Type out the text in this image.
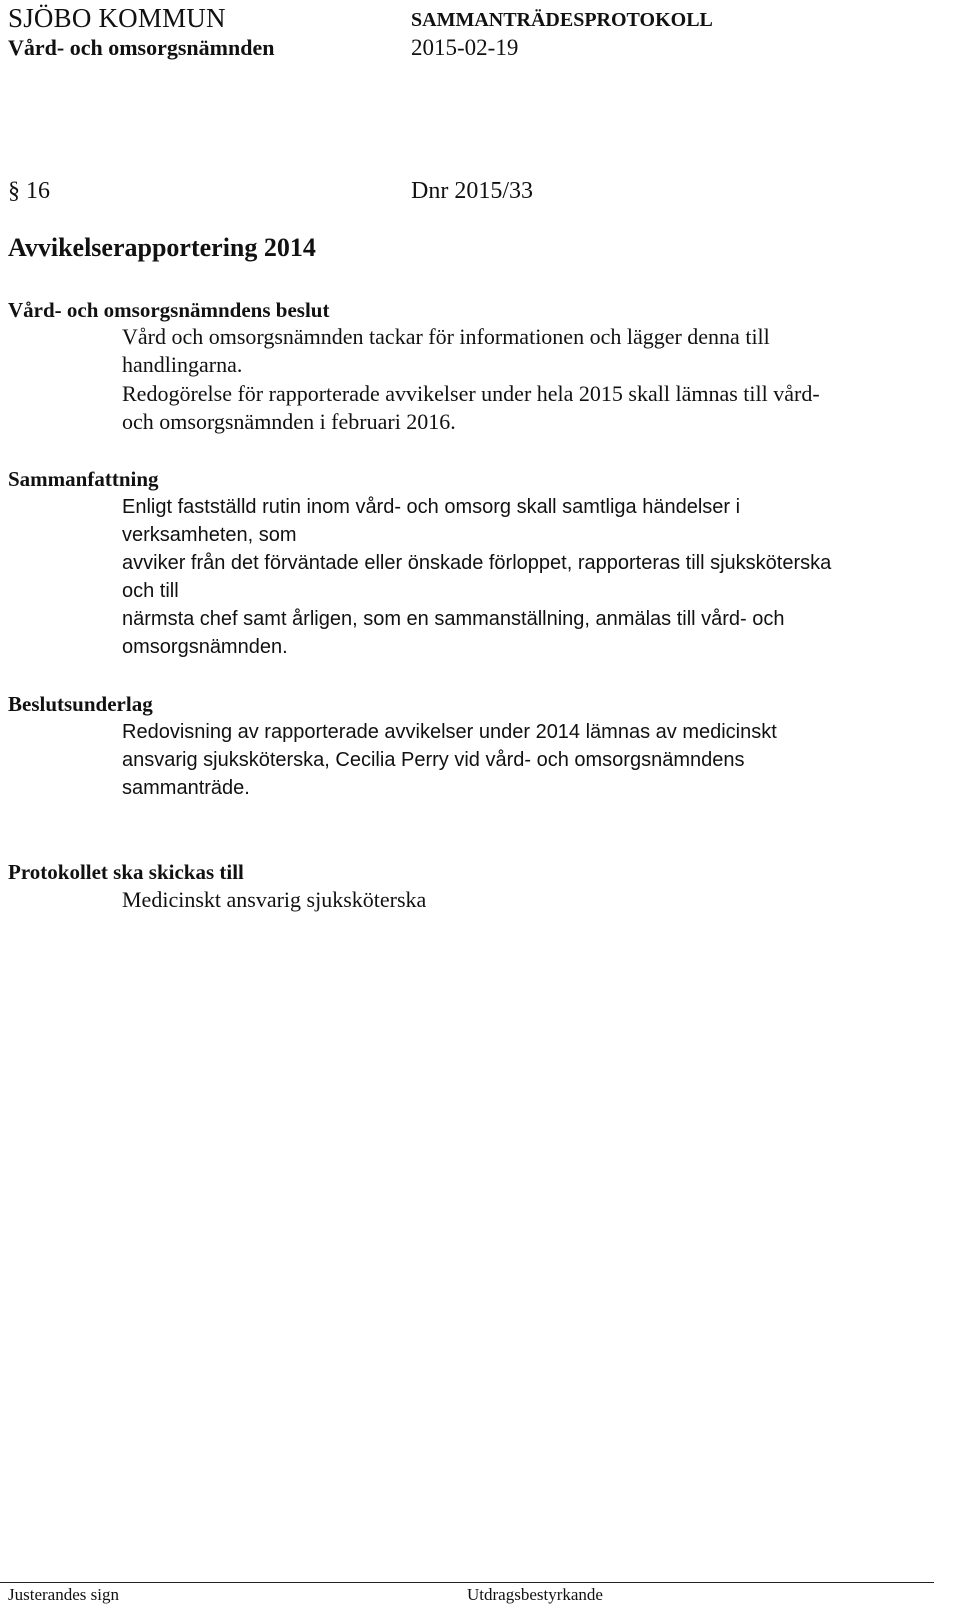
SJÖBO KOMMUN	SAMMANTRÄDESPROTOKOLL
Vård- och omsorgsnämnden	2015-02-19
§ 16	Dnr 2015/33
Avvikelserapportering 2014
Vård- och omsorgsnämndens beslut
Vård och omsorgsnämnden tackar för informationen och lägger denna till
handlingarna.
Redogörelse för rapporterade avvikelser under hela 2015 skall lämnas till vård-
och omsorgsnämnden i februari 2016.
Sammanfattning
Enligt fastställd rutin inom vård- och omsorg skall samtliga händelser i
verksamheten, som
avviker från det förväntade eller önskade förloppet, rapporteras till sjuksköterska
och till
närmsta chef samt årligen, som en sammanställning, anmälas till vård- och
omsorgsnämnden.
Beslutsunderlag
Redovisning av rapporterade avvikelser under 2014 lämnas av medicinskt
ansvarig sjuksköterska, Cecilia Perry vid vård- och omsorgsnämndens
sammanträde.
Protokollet ska skickas till
Medicinskt ansvarig sjuksköterska
Justerandes sign	Utdragsbestyrkande
